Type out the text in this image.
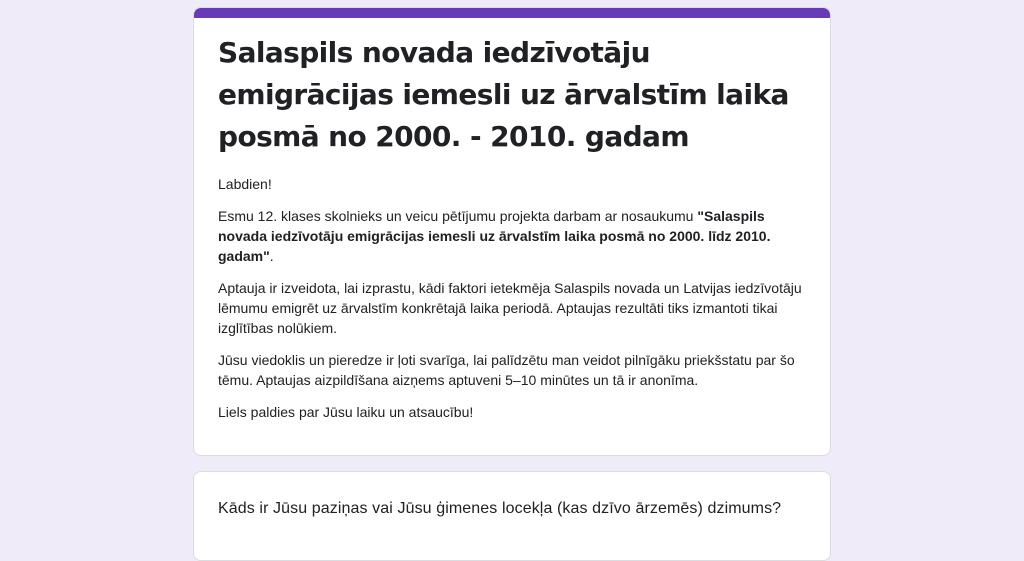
Salaspils novada iedzīvotāju
emigrācijas iemesli uz ārvalstīm laika
posmā no 2000. - 2010. gadam

Labdien!

Esmu 12. klases skolnieks un veicu pētījumu projekta darbam ar nosaukumu "Salaspils novada iedzīvotāju emigrācijas iemesli uz ārvalstīm laika posmā no 2000. līdz 2010. gadam".

Aptauja ir izveidota, lai izprastu, kādi faktori ietekmēja Salaspils novada un Latvijas iedzīvotāju lēmumu emigrēt uz ārvalstīm konkrētajā laika periodā. Aptaujas rezultāti tiks izmantoti tikai izglītības nolūkiem.

Jūsu viedoklis un pieredze ir ļoti svarīga, lai palīdzētu man veidot pilnīgāku priekšstatu par šo tēmu. Aptaujas aizpildīšana aizņems aptuveni 5–10 minūtes un tā ir anonīma.

Liels paldies par Jūsu laiku un atsaucību!

Kāds ir Jūsu paziņas vai Jūsu ģimenes locekļa (kas dzīvo ārzemēs) dzimums?
